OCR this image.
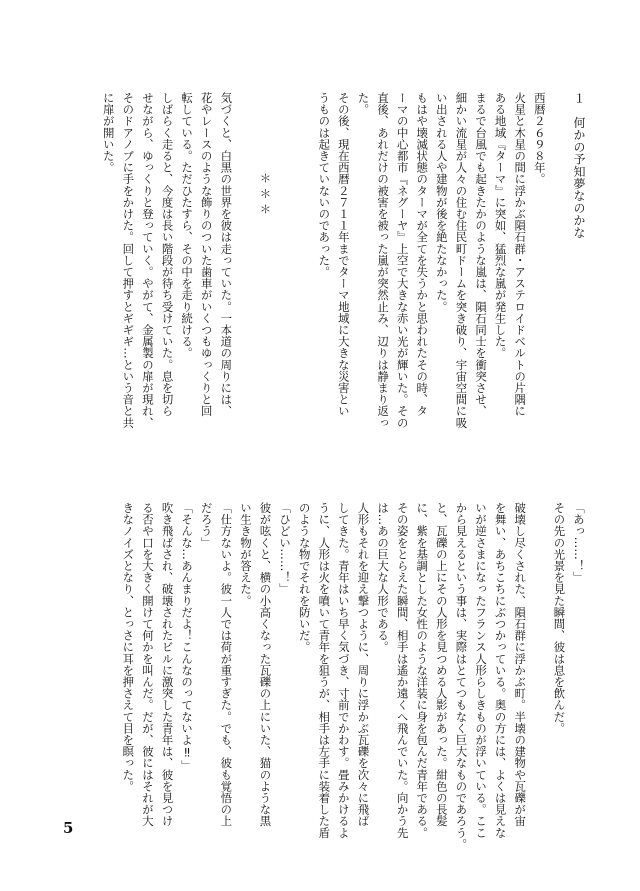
１　何かの予知夢なのかな

西暦２６９８年。
火星と木星の間に浮かぶ隕石群・アステロイドベルトの片隅に
ある地域『ターマ』に突如、猛烈な嵐が発生した。
まるで台風でも起きたかのような嵐は、隕石同士を衝突させ、
細かい流星が人々の住む住民町ドームを突き破り、宇宙空間に吸
い出される人や建物が後を絶たなかった。
もはや壊滅状態のターマが全てを失うかと思われたその時、タ
ーマの中心都市『ネグーヤ』上空で大きな赤い光が輝いた。その
直後、あれだけの被害を被った嵐が突然止み、辺りは静まり返っ
た。
その後、現在西暦２７１１年までターマ地域に大きな災害とい
うものは起きていないのであった。

＊＊＊

気づくと、白黒の世界を彼は走っていた。一本道の周りには、
花やレースのような飾りのついた歯車がいくつもゆっくりと回
転している。ただひたすら、その中を走り続ける。
しばらく走ると、今度は長い階段が待ち受けていた。息を切ら
せながら、ゆっくりと登っていく。やがて、金属製の扉が現れ、
そのドアノブに手をかけた。回して押すとギギギ…という音と共
に扉が開いた。
「あっ……！」
その先の光景を見た瞬間、彼は息を飲んだ。

破壊し尽くされた、隕石群に浮かぶ町。半壊の建物や瓦礫が宙
を舞い、あちこちにぶつかっている。奥の方には、よくは見えな
いが逆さまになったフランス人形らしきものが浮いている。ここ
から見えるという事は、実際はとてつもなく巨大なものであろう。
と、瓦礫の上にその人形を見つめる人影があった。紺色の長髪
に、紫を基調とした女性のような洋装に身を包んだ青年である。
その姿をとらえた瞬間、相手は遙か遠くへ飛んでいた。向かう先
は…あの巨大な人形である。
人形もそれを迎え撃つように、周りに浮かぶ瓦礫を次々に飛ば
してきた。青年はいち早く気づき、寸前でかわす。畳みかけるよ
うに、人形は火を噴いて青年を狙うが、相手は左手に装着した盾
のような物でそれを防いだ。
「ひどい……！」
彼が呟くと、横の小高くなった瓦礫の上にいた、猫のような黒
い生き物が答えた。
「仕方ないよ。彼一人では荷が重すぎた。でも、彼も覚悟の上
だろう」
「そんな…あんまりだよ！こんなのってないよ‼」
吹き飛ばされ、破壊されたビルに激突した青年は、彼を見つけ
る否や口を大きく開けて何かを叫んだ。だが、彼にはそれが大
きなノイズとなり、とっさに耳を押さえて目を瞑った。
5
